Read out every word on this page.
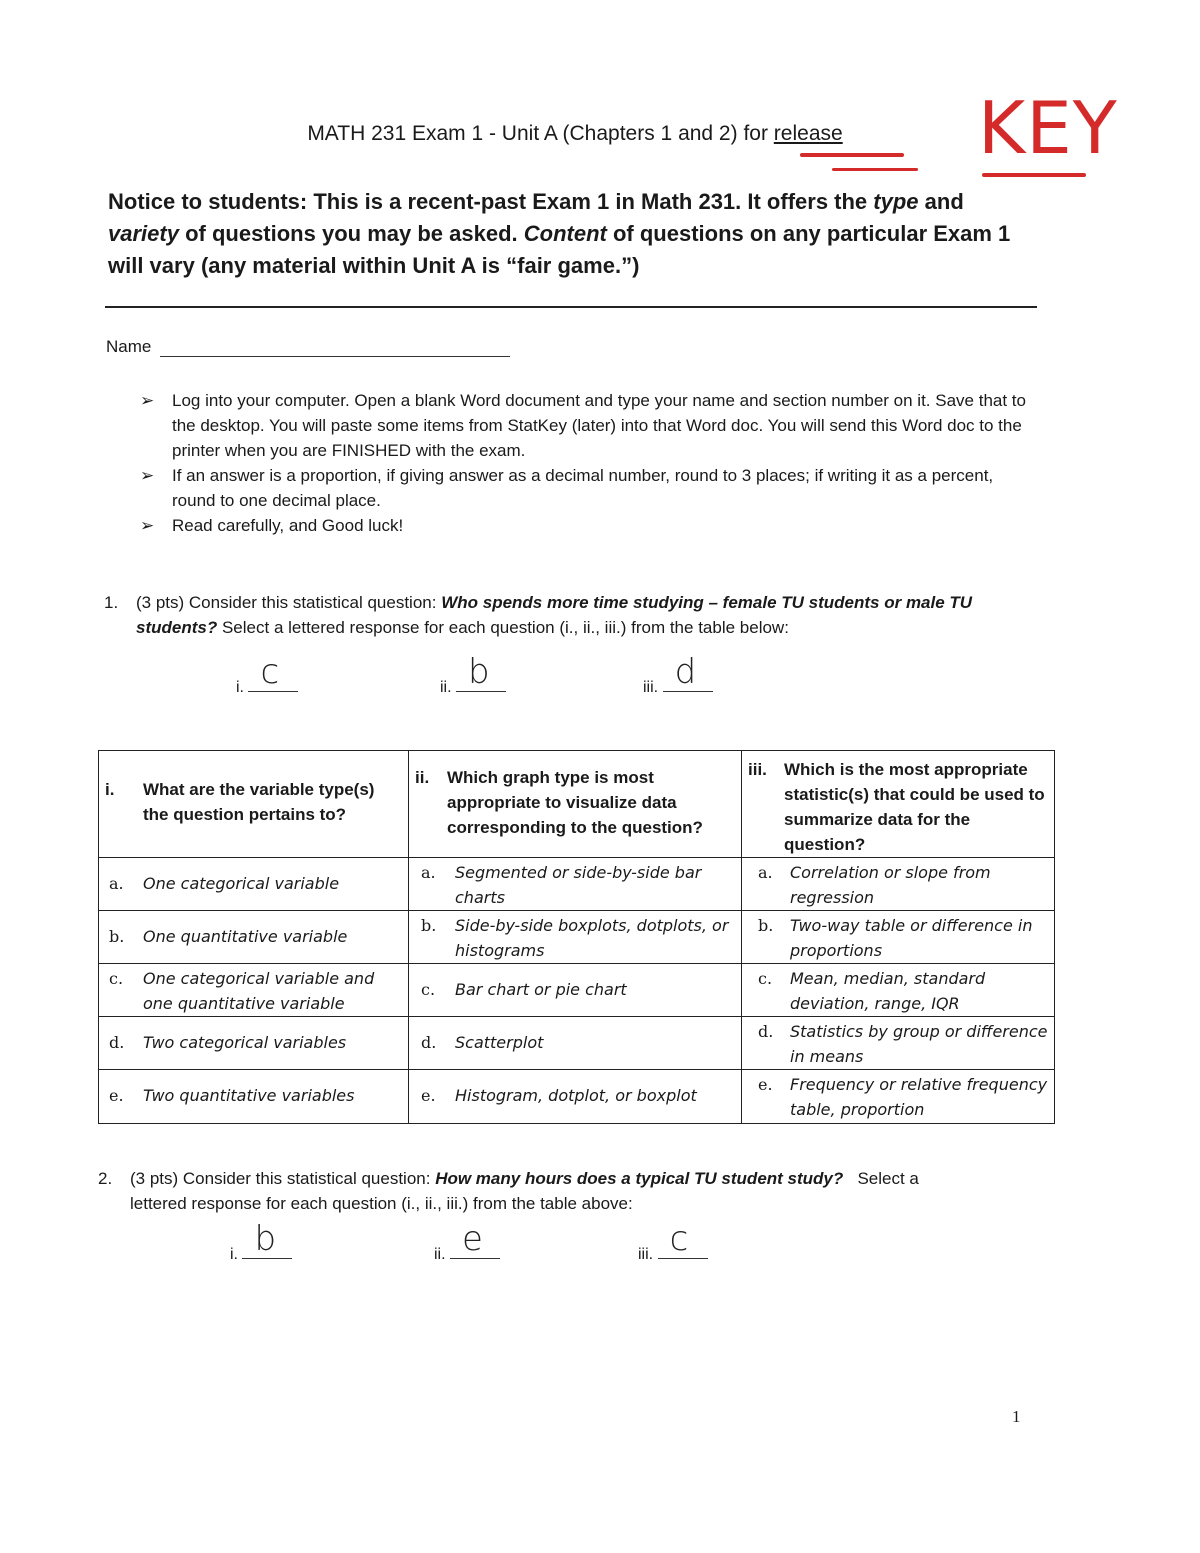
MATH 231 Exam 1 - Unit A (Chapters 1 and 2) for release	KEY
Notice to students: This is a recent-past Exam 1 in Math 231. It offers the type and variety of questions you may be asked. Content of questions on any particular Exam 1 will vary (any material within Unit A is “fair game.”)
Name
➢ Log into your computer. Open a blank Word document and type your name and section number on it. Save that to the desktop. You will paste some items from StatKey (later) into that Word doc. You will send this Word doc to the printer when you are FINISHED with the exam.
➢ If an answer is a proportion, if giving answer as a decimal number, round to 3 places; if writing it as a percent, round to one decimal place.
➢ Read carefully, and Good luck!
1. (3 pts) Consider this statistical question: Who spends more time studying – female TU students or male TU students? Select a lettered response for each question (i., ii., iii.) from the table below:
i. c	ii. b	iii. d
i. What are the variable type(s) the question pertains to?	ii. Which graph type is most appropriate to visualize data corresponding to the question?	iii. Which is the most appropriate statistic(s) that could be used to summarize data for the question?

a. One categorical variable	a. Segmented or side-by-side bar charts	a. Correlation or slope from regression

b. One quantitative variable	b. Side-by-side boxplots, dotplots, or histograms	b. Two-way table or difference in proportions

c. One categorical variable and one quantitative variable	c. Bar chart or pie chart	c. Mean, median, standard deviation, range, IQR

d. Two categorical variables	d. Scatterplot	d. Statistics by group or difference in means

e. Two quantitative variables	e. Histogram, dotplot, or boxplot	e. Frequency or relative frequency table, proportion
2. (3 pts) Consider this statistical question: How many hours does a typical TU student study? Select a
lettered response for each question (i., ii., iii.) from the table above:
i. b	ii. e	iii. c
1
